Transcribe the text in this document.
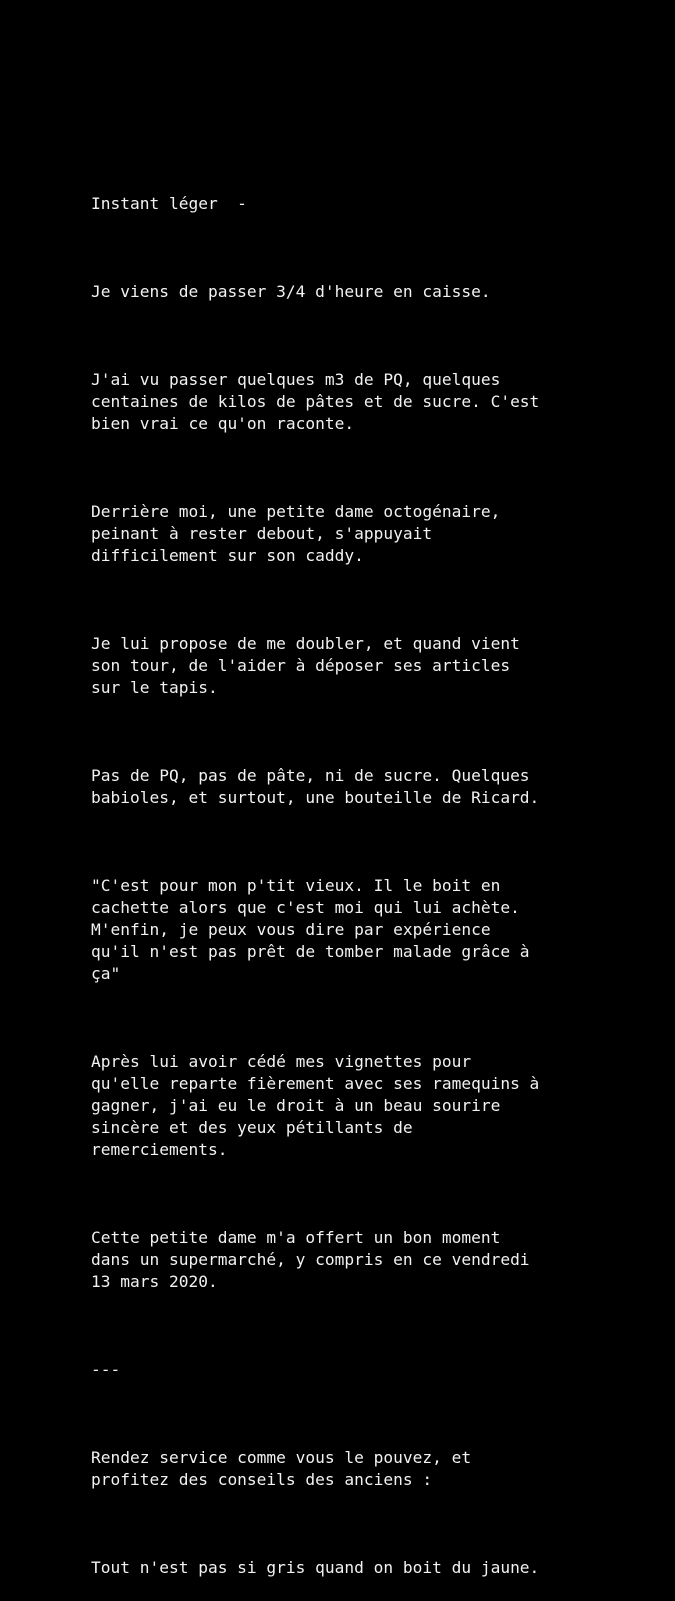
Instant léger  -

Je viens de passer 3/4 d'heure en caisse.

J'ai vu passer quelques m3 de PQ, quelques
centaines de kilos de pâtes et de sucre. C'est
bien vrai ce qu'on raconte.

Derrière moi, une petite dame octogénaire,
peinant à rester debout, s'appuyait
difficilement sur son caddy.

Je lui propose de me doubler, et quand vient
son tour, de l'aider à déposer ses articles
sur le tapis.

Pas de PQ, pas de pâte, ni de sucre. Quelques
babioles, et surtout, une bouteille de Ricard.

"C'est pour mon p'tit vieux. Il le boit en
cachette alors que c'est moi qui lui achète.
M'enfin, je peux vous dire par expérience
qu'il n'est pas prêt de tomber malade grâce à
ça"

Après lui avoir cédé mes vignettes pour
qu'elle reparte fièrement avec ses ramequins à
gagner, j'ai eu le droit à un beau sourire
sincère et des yeux pétillants de
remerciements.

Cette petite dame m'a offert un bon moment
dans un supermarché, y compris en ce vendredi
13 mars 2020.

---

Rendez service comme vous le pouvez, et
profitez des conseils des anciens :

Tout n'est pas si gris quand on boit du jaune.
